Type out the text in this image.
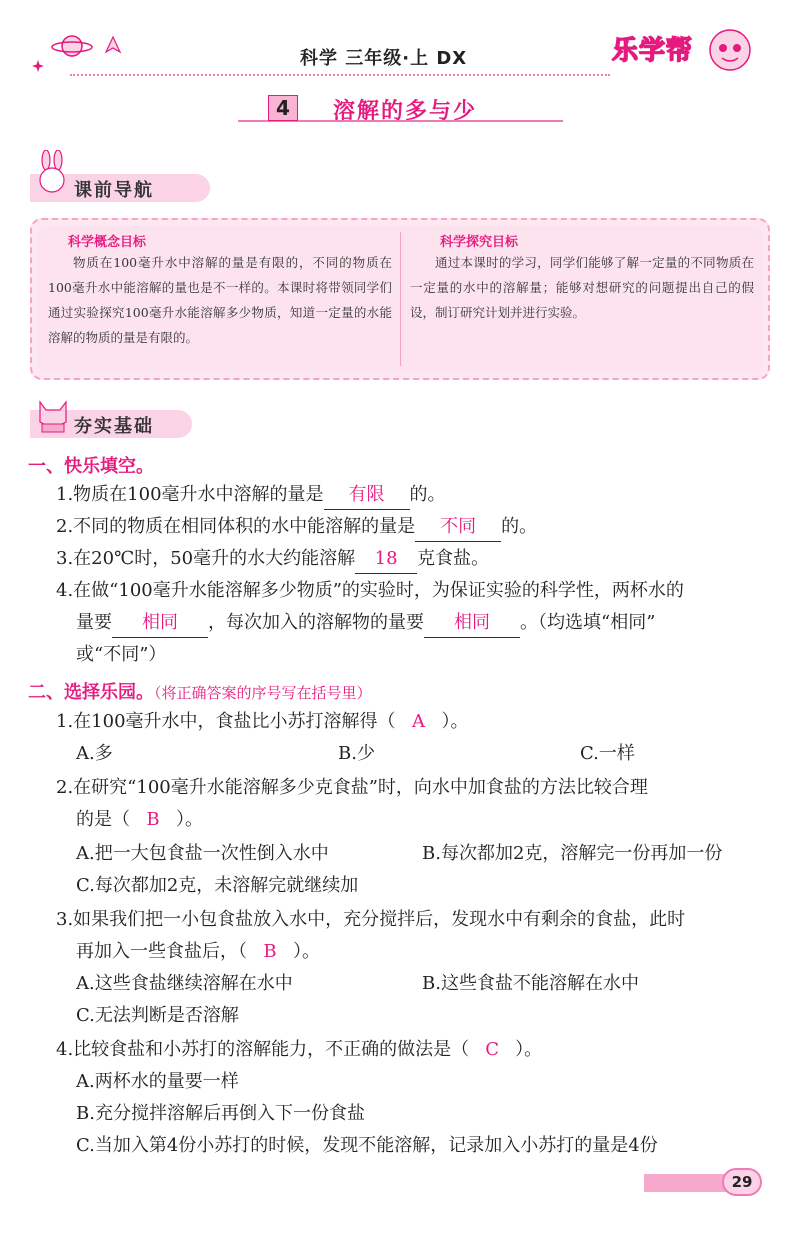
科学 三年级·上 DX	乐学帮
4	溶解的多与少
课前导航
科学概念目标
物质在100毫升水中溶解的量是有限的，不同的物质在100毫升水中能溶解的量也是不一样的。本课时将带领同学们通过实验探究100毫升水能溶解多少物质，知道一定量的水能溶解的物质的量是有限的。
科学探究目标
通过本课时的学习，同学们能够了解一定量的不同物质在一定量的水中的溶解量；能够对想研究的问题提出自己的假设，制订研究计划并进行实验。
夯实基础
一、快乐填空。
1.物质在100毫升水中溶解的量是 有限 的。
2.不同的物质在相同体积的水中能溶解的量是 不同 的。
3.在20℃时，50毫升的水大约能溶解 18 克食盐。
4.在做“100毫升水能溶解多少物质”的实验时，为保证实验的科学性，两杯水的
量要 相同 ，每次加入的溶解物的量要 相同 。（均选填“相同”
或“不同”）
二、选择乐园。（将正确答案的序号写在括号里）
1.在100毫升水中，食盐比小苏打溶解得（ A ）。
A.多	B.少	C.一样
2.在研究“100毫升水能溶解多少克食盐”时，向水中加食盐的方法比较合理
的是（ B ）。
A.把一大包食盐一次性倒入水中	B.每次都加2克，溶解完一份再加一份
C.每次都加2克，未溶解完就继续加
3.如果我们把一小包食盐放入水中，充分搅拌后，发现水中有剩余的食盐，此时
再加入一些食盐后，（ B ）。
A.这些食盐继续溶解在水中	B.这些食盐不能溶解在水中
C.无法判断是否溶解
4.比较食盐和小苏打的溶解能力，不正确的做法是（ C ）。
A.两杯水的量要一样
B.充分搅拌溶解后再倒入下一份食盐
C.当加入第4份小苏打的时候，发现不能溶解，记录加入小苏打的量是4份
29
